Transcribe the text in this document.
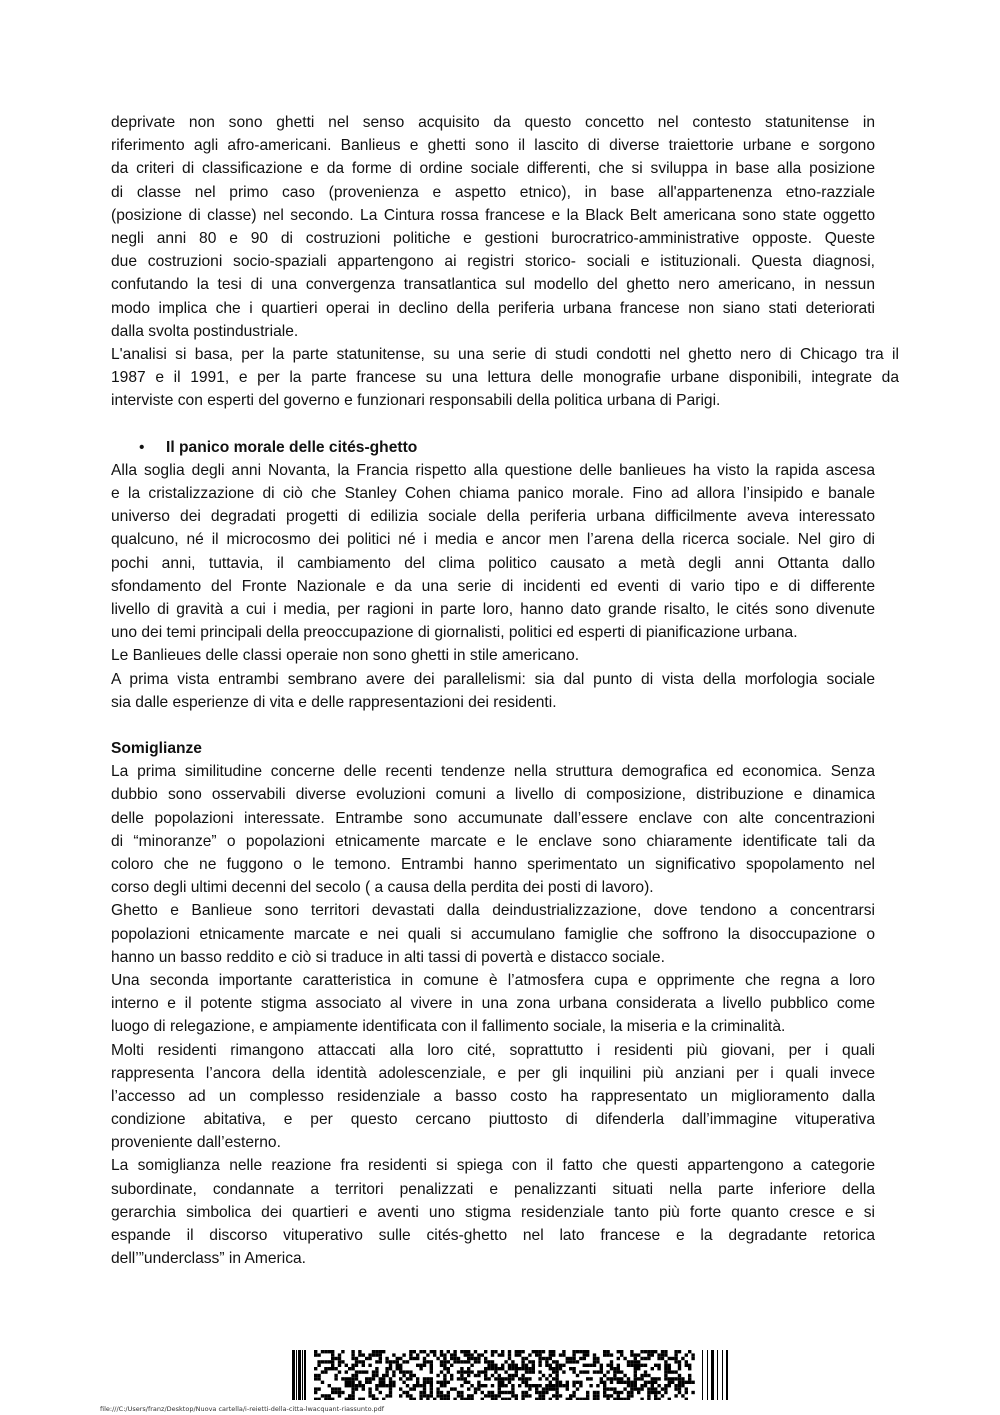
deprivate non sono ghetti nel senso acquisito da questo concetto nel contesto statunitense in
riferimento agli afro-americani. Banlieus e ghetti sono il lascito di diverse traiettorie urbane e sorgono
da criteri di classificazione e da forme di ordine sociale differenti, che si sviluppa in base alla posizione
di classe nel primo caso (provenienza e aspetto etnico), in base all'appartenenza etno-razziale
(posizione di classe) nel secondo. La Cintura rossa francese e la Black Belt americana sono state oggetto
negli anni 80 e 90 di costruzioni politiche e gestioni burocratrico-amministrative opposte. Queste
due costruzioni socio-spaziali appartengono ai registri storico- sociali e istituzionali. Questa diagnosi,
confutando la tesi di una convergenza transatlantica sul modello del ghetto nero americano, in nessun
modo implica che i quartieri operai in declino della periferia urbana francese non siano stati deteriorati
dalla svolta postindustriale.
L'analisi si basa, per la parte statunitense, su una serie di studi condotti nel ghetto nero di Chicago tra il
1987 e il 1991, e per la parte francese su una lettura delle monografie urbane disponibili, integrate da
interviste con esperti del governo e funzionari responsabili della politica urbana di Parigi.
•	Il panico morale delle cités-ghetto
Alla soglia degli anni Novanta, la Francia rispetto alla questione delle banlieues ha visto la rapida ascesa
e la cristalizzazione di ciò che Stanley Cohen chiama panico morale. Fino ad allora l’insipido e banale
universo dei degradati progetti di edilizia sociale della periferia urbana difficilmente aveva interessato
qualcuno, né il microcosmo dei politici né i media e ancor men l’arena della ricerca sociale. Nel giro di
pochi anni, tuttavia, il cambiamento del clima politico causato a metà degli anni Ottanta dallo
sfondamento del Fronte Nazionale e da una serie di incidenti ed eventi di vario tipo e di differente
livello di gravità a cui i media, per ragioni in parte loro, hanno dato grande risalto, le cités sono divenute
uno dei temi principali della preoccupazione di giornalisti, politici ed esperti di pianificazione urbana.
Le Banlieues delle classi operaie non sono ghetti in stile americano.
A prima vista entrambi sembrano avere dei parallelismi: sia dal punto di vista della morfologia sociale
sia dalle esperienze di vita e delle rappresentazioni dei residenti.
Somiglianze
La prima similitudine concerne delle recenti tendenze nella struttura demografica ed economica. Senza
dubbio sono osservabili diverse evoluzioni comuni a livello di composizione, distribuzione e dinamica
delle popolazioni interessate. Entrambe sono accumunate dall’essere enclave con alte concentrazioni
di “minoranze” o popolazioni etnicamente marcate e le enclave sono chiaramente identificate tali da
coloro che ne fuggono o le temono. Entrambi hanno sperimentato un significativo spopolamento nel
corso degli ultimi decenni del secolo ( a causa della perdita dei posti di lavoro).
Ghetto e Banlieue sono territori devastati dalla deindustrializzazione, dove tendono a concentrarsi
popolazioni etnicamente marcate e nei quali si accumulano famiglie che soffrono la disoccupazione o
hanno un basso reddito e ciò si traduce in alti tassi di povertà e distacco sociale.
Una seconda importante caratteristica in comune è l’atmosfera cupa e opprimente che regna a loro
interno e il potente stigma associato al vivere in una zona urbana considerata a livello pubblico come
luogo di relegazione, e ampiamente identificata con il fallimento sociale, la miseria e la criminalità.
Molti residenti rimangono attaccati alla loro cité, soprattutto i residenti più giovani, per i quali
rappresenta l’ancora della identità adolescenziale, e per gli inquilini più anziani per i quali invece
l’accesso ad un complesso residenziale a basso costo ha rappresentato un miglioramento dalla
condizione abitativa, e per questo cercano piuttosto di difenderla dall’immagine vituperativa
proveniente dall’esterno.
La somiglianza nelle reazione fra residenti si spiega con il fatto che questi appartengono a categorie
subordinate, condannate a territori penalizzati e penalizzanti situati nella parte inferiore della
gerarchia simbolica dei quartieri e aventi uno stigma residenziale tanto più forte quanto cresce e si
espande il discorso vituperativo sulle cités-ghetto nel lato francese e la degradante retorica
dell’”underclass” in America.
file:///C:/Users/franz/Desktop/Nuova cartella/i-reietti-della-citta-lwacquant-riassunto.pdf
